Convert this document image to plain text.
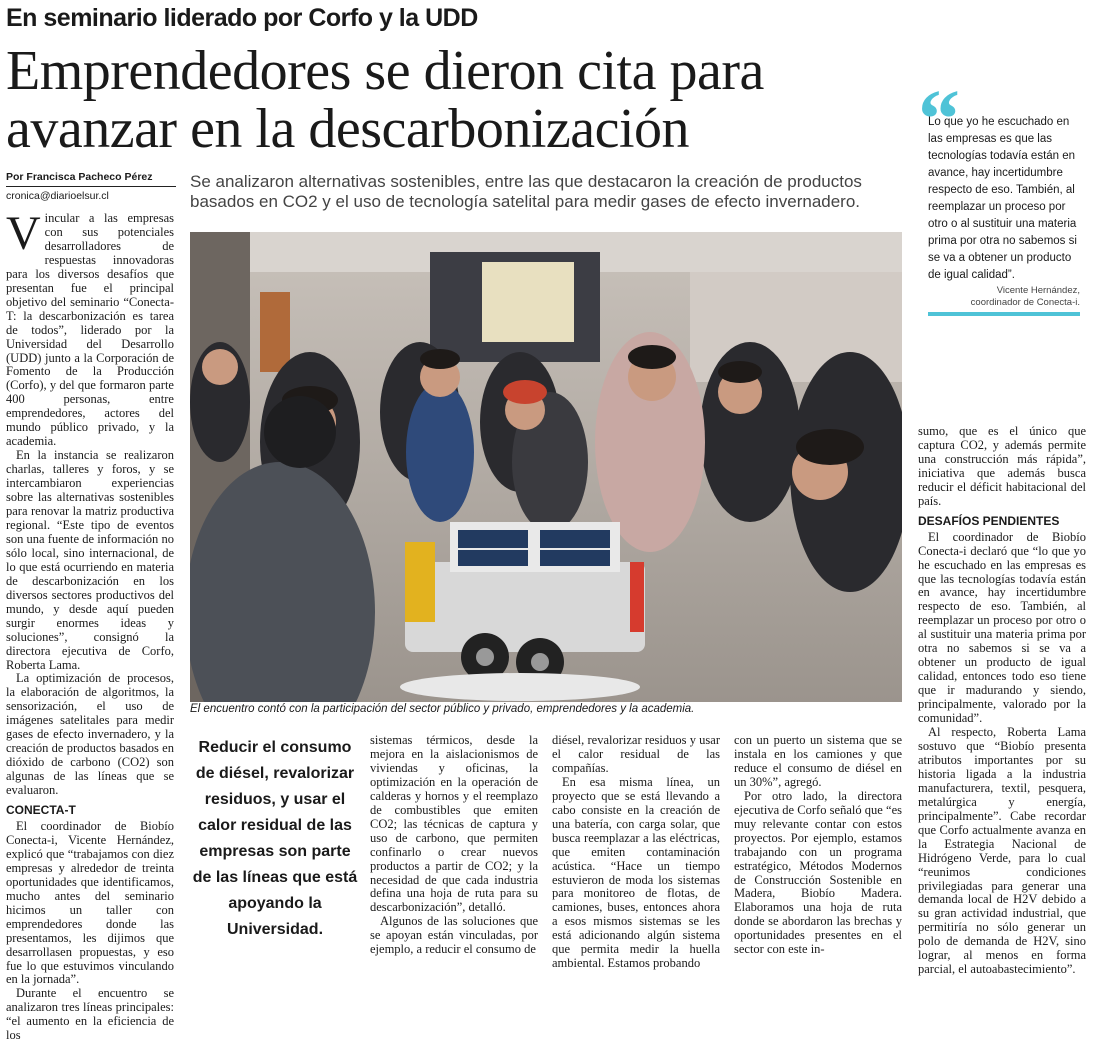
En seminario liderado por Corfo y la UDD
Emprendedores se dieron cita para
avanzar en la descarbonización	“
Lo que yo he escuchado en las empresas es que las tecnologías todavía están en avance, hay incertidumbre respecto de eso. También, al reemplazar un proceso por otro o al sustituir una materia prima por otra no sabemos si se va a obtener un producto de igual calidad”.
Vicente Hernández,
coordinador de Conecta-i.
Por Francisca Pacheco Pérez
cronica@diarioelsur.cl
Se analizaron alternativas sostenibles, entre las que destacaron la creación de productos basados en CO2 y el uso de tecnología satelital para medir gases de efecto invernadero.

Vincular a las empresas con sus potenciales desarrolladores de respuestas innovadoras para los diversos desafíos que presentan fue el principal objetivo del seminario “Conecta-T: la descarbonización es tarea de todos”, liderado por la Universidad del Desarrollo (UDD) junto a la Corporación de Fomento de la Producción (Corfo), y del que formaron parte 400 personas, entre emprendedores, actores del mundo público privado, y la academia.

En la instancia se realizaron charlas, talleres y foros, y se intercambiaron experiencias sobre las alternativas sostenibles para renovar la matriz productiva regional. “Este tipo de eventos son una fuente de información no sólo local, sino internacional, de lo que está ocurriendo en materia de descarbonización en los diversos sectores productivos del mundo, y desde aquí pueden surgir enormes ideas y soluciones”, consignó la directora ejecutiva de Corfo, Roberta Lama.

La optimización de procesos, la elaboración de algoritmos, la sensorización, el uso de imágenes satelitales para medir gases de efecto invernadero, y la creación de productos basados en dióxido de carbono (CO2) son algunas de las líneas que se evaluaron.

CONECTA-T

El coordinador de Biobío Conecta-i, Vicente Hernández, explicó que “trabajamos con diez empresas y alrededor de treinta oportunidades que identificamos, mucho antes del seminario hicimos un taller con emprendedores donde las presentamos, les dijimos que desarrollasen propuestas, y eso fue lo que estuvimos vinculando en la jornada”.

Durante el encuentro se analizaron tres líneas principales: “el aumento en la eficiencia de los

El encuentro contó con la participación del sector público y privado, emprendedores y la academia.
Reducir el consumo de diésel, revalorizar residuos, y usar el calor residual de las empresas son parte de las líneas que está apoyando la Universidad.

sistemas térmicos, desde la mejora en la aislacionismos de viviendas y oficinas, la optimización en la operación de calderas y hornos y el reemplazo de combustibles que emiten CO2; las técnicas de captura y uso de carbono, que permiten confinarlo o crear nuevos productos a partir de CO2; y la necesidad de que cada industria defina una hoja de ruta para su descarbonización”, detalló.

Algunos de las soluciones que se apoyan están vinculadas, por ejemplo, a reducir el consumo de

diésel, revalorizar residuos y usar el calor residual de las compañías.

En esa misma línea, un proyecto que se está llevando a cabo consiste en la creación de una batería, con carga solar, que busca reemplazar a las eléctricas, que emiten contaminación acústica. “Hace un tiempo estuvieron de moda los sistemas para monitoreo de flotas, de camiones, buses, entonces ahora a esos mismos sistemas se les está adicionando algún sistema que permita medir la huella ambiental. Estamos probando

con un puerto un sistema que se instala en los camiones y que reduce el consumo de diésel en un 30%”, agregó.

Por otro lado, la directora ejecutiva de Corfo señaló que “es muy relevante contar con estos proyectos. Por ejemplo, estamos trabajando con un programa estratégico, Métodos Modernos de Construcción Sostenible en Madera, Biobío Madera. Elaboramos una hoja de ruta donde se abordaron las brechas y oportunidades presentes en el sector con este in-

sumo, que es el único que captura CO2, y además permite una construcción más rápida”, iniciativa que además busca reducir el déficit habitacional del país.

DESAFÍOS PENDIENTES

El coordinador de Biobío Conecta-i declaró que “lo que yo he escuchado en las empresas es que las tecnologías todavía están en avance, hay incertidumbre respecto de eso. También, al reemplazar un proceso por otro o al sustituir una materia prima por otra no sabemos si se va a obtener un producto de igual calidad, entonces todo eso tiene que ir madurando y siendo, principalmente, valorado por la comunidad”.

Al respecto, Roberta Lama sostuvo que “Biobío presenta atributos importantes por su historia ligada a la industria manufacturera, textil, pesquera, metalúrgica y energía, principalmente”. Cabe recordar que Corfo actualmente avanza en la Estrategia Nacional de Hidrógeno Verde, para lo cual “reunimos condiciones privilegiadas para generar una demanda local de H2V debido a su gran actividad industrial, que permitiría no sólo generar un polo de demanda de H2V, sino lograr, al menos en forma parcial, el autoabastecimiento”.
